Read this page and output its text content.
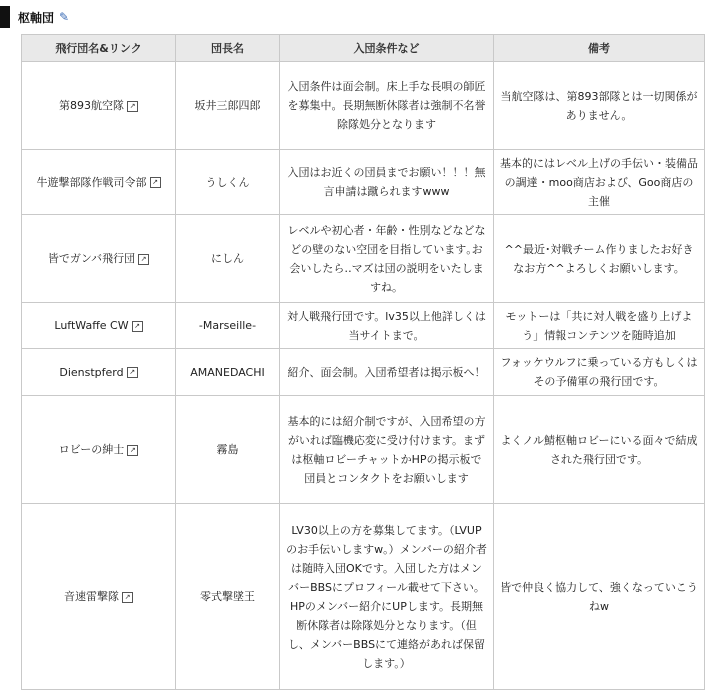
枢軸団 ✎
飛行団名&リンク	団長名	入団条件など	備考
第893航空隊↗	坂井三郎四郎	入団条件は面会制。床上手な長唄の師匠を募集中。長期無断休隊者は強制不名誉除隊処分となります	当航空隊は、第893部隊とは一切関係がありません。
牛遊撃部隊作戦司令部↗	うしくん	入団はお近くの団員までお願い！！！無言申請は蹴られますwww	基本的にはレベル上げの手伝い・装備品の調達・moo商店および、Goo商店の主催
皆でガンバ飛行団↗	にしん	レベルや初心者・年齢・性別などなどなどの壁のない空団を目指しています｡お会いしたら‥マズは団の説明をいたしますね。	^^最近･対戦チーム作りましたお好きなお方^^よろしくお願いします。
LuftWaffe CW↗	-Marseille-	対人戦飛行団です。lv35以上他詳しくは当サイトまで。	モットーは「共に対人戦を盛り上げよう」情報コンテンツを随時追加
Dienstpferd↗	AMANEDACHI	紹介、面会制。入団希望者は掲示板へ！	フォッケウルフに乗っている方もしくはその予備軍の飛行団です。
ロビーの紳士↗	霧島	基本的には紹介制ですが、入団希望の方がいれば臨機応変に受け付けます。まずは枢軸ロビーチャットかHPの掲示板で団員とコンタクトをお願いします	よくノル鯖枢軸ロビーにいる面々で結成された飛行団です。
音速雷撃隊↗	零式撃墜王	LV30以上の方を募集してます。（LVUPのお手伝いしますw。）メンバーの紹介者は随時入団OKです。入団した方はメンバーBBSにプロフィール載せて下さい。HPのメンバー紹介にUPします。長期無断休隊者は除隊処分となります。（但し、メンバーBBSにて連絡があれば保留します。）	皆で仲良く協力して、強くなっていこうねw
